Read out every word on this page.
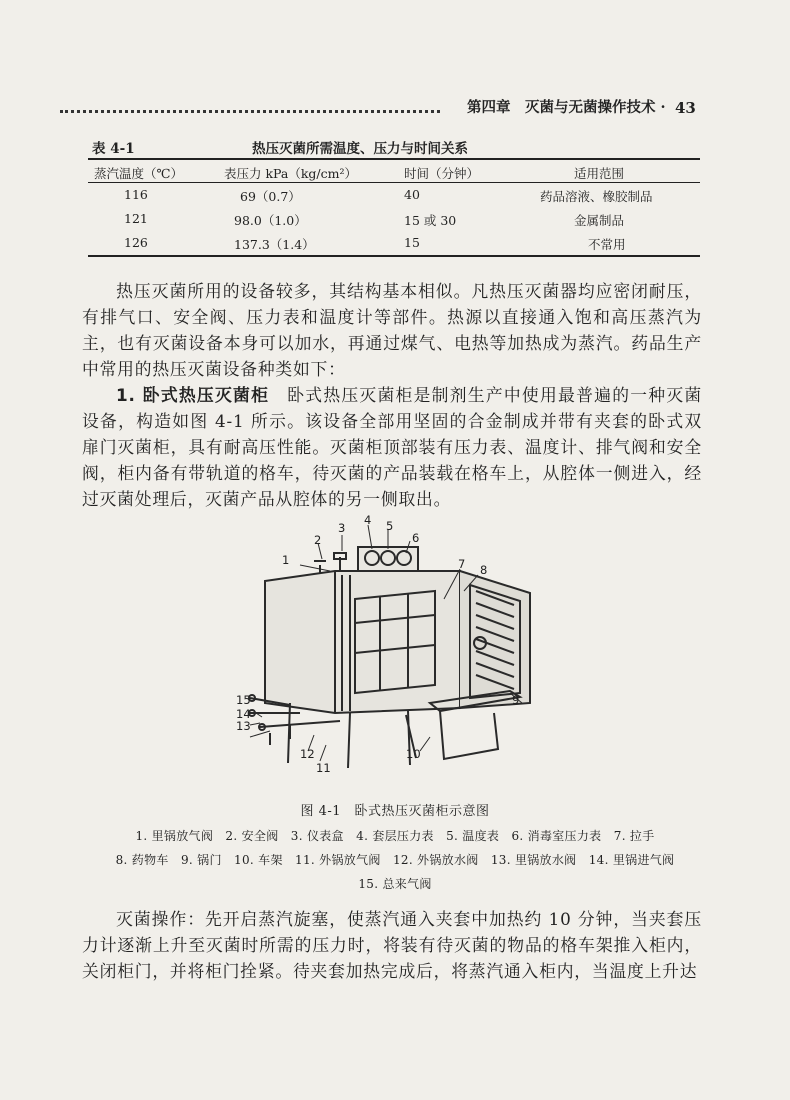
第四章　灭菌与无菌操作技术 · 43
表 4-1	热压灭菌所需温度、压力与时间关系
蒸汽温度（℃）	表压力 kPa（kg/cm²）	时间（分钟）	适用范围
116	69（0.7）	40	药品溶液、橡胶制品
121	98.0（1.0）	15 或 30	金属制品
126	137.3（1.4）	15	不常用
热压灭菌所用的设备较多，其结构基本相似。凡热压灭菌器均应密闭耐压，有排气口、安全阀、压力表和温度计等部件。热源以直接通入饱和高压蒸汽为主，也有灭菌设备本身可以加水，再通过煤气、电热等加热成为蒸汽。药品生产中常用的热压灭菌设备种类如下：
1. 卧式热压灭菌柜　 卧式热压灭菌柜是制剂生产中使用最普遍的一种灭菌设备，构造如图 4-1 所示。该设备全部用坚固的合金制成并带有夹套的卧式双扉门灭菌柜，具有耐高压性能。灭菌柜顶部装有压力表、温度计、排气阀和安全阀，柜内备有带轨道的格车，待灭菌的产品装载在格车上，从腔体一侧进入，经过灭菌处理后，灭菌产品从腔体的另一侧取出。
1
2
3
4 5
6
7 8
9
10
11
12
13
14
15
图 4-1　卧式热压灭菌柜示意图
1. 里锅放气阀　2. 安全阀　3. 仪表盒　4. 套层压力表　5. 温度表　6. 消毒室压力表　7. 拉手
8. 药物车　9. 锅门　10. 车架　11. 外锅放气阀　12. 外锅放水阀　13. 里锅放水阀　14. 里锅进气阀
15. 总来气阀
灭菌操作：先开启蒸汽旋塞，使蒸汽通入夹套中加热约 10 分钟，当夹套压力计逐渐上升至灭菌时所需的压力时，将装有待灭菌的物品的格车架推入柜内，关闭柜门，并将柜门拴紧。待夹套加热完成后，将蒸汽通入柜内，当温度上升达
